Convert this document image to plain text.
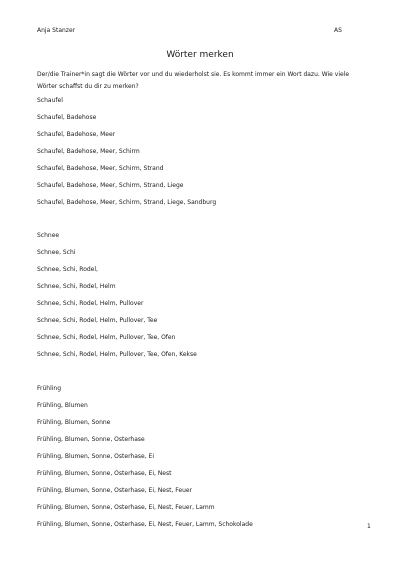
Anja Stanzer	AS
Wörter merken
Der/die Trainer*in sagt die Wörter vor und du wiederholst sie. Es kommt immer ein Wort dazu. Wie viele Wörter schaffst du dir zu merken?
Schaufel
Schaufel, Badehose
Schaufel, Badehose, Meer
Schaufel, Badehose, Meer, Schirm
Schaufel, Badehose, Meer, Schirm, Strand
Schaufel, Badehose, Meer, Schirm, Strand, Liege
Schaufel, Badehose, Meer, Schirm, Strand, Liege, Sandburg
Schnee
Schnee, Schi
Schnee, Schi, Rodel,
Schnee, Schi, Rodel, Helm
Schnee, Schi, Rodel, Helm, Pullover
Schnee, Schi, Rodel, Helm, Pullover, Tee
Schnee, Schi, Rodel, Helm, Pullover, Tee, Ofen
Schnee, Schi, Rodel, Helm, Pullover, Tee, Ofen, Kekse
Frühling
Frühling, Blumen
Frühling, Blumen, Sonne
Frühling, Blumen, Sonne, Osterhase
Frühling, Blumen, Sonne, Osterhase, Ei
Frühling, Blumen, Sonne, Osterhase, Ei, Nest
Frühling, Blumen, Sonne, Osterhase, Ei, Nest, Feuer
Frühling, Blumen, Sonne, Osterhase, Ei, Nest, Feuer, Lamm
Frühling, Blumen, Sonne, Osterhase, Ei, Nest, Feuer, Lamm, Schokolade	1
